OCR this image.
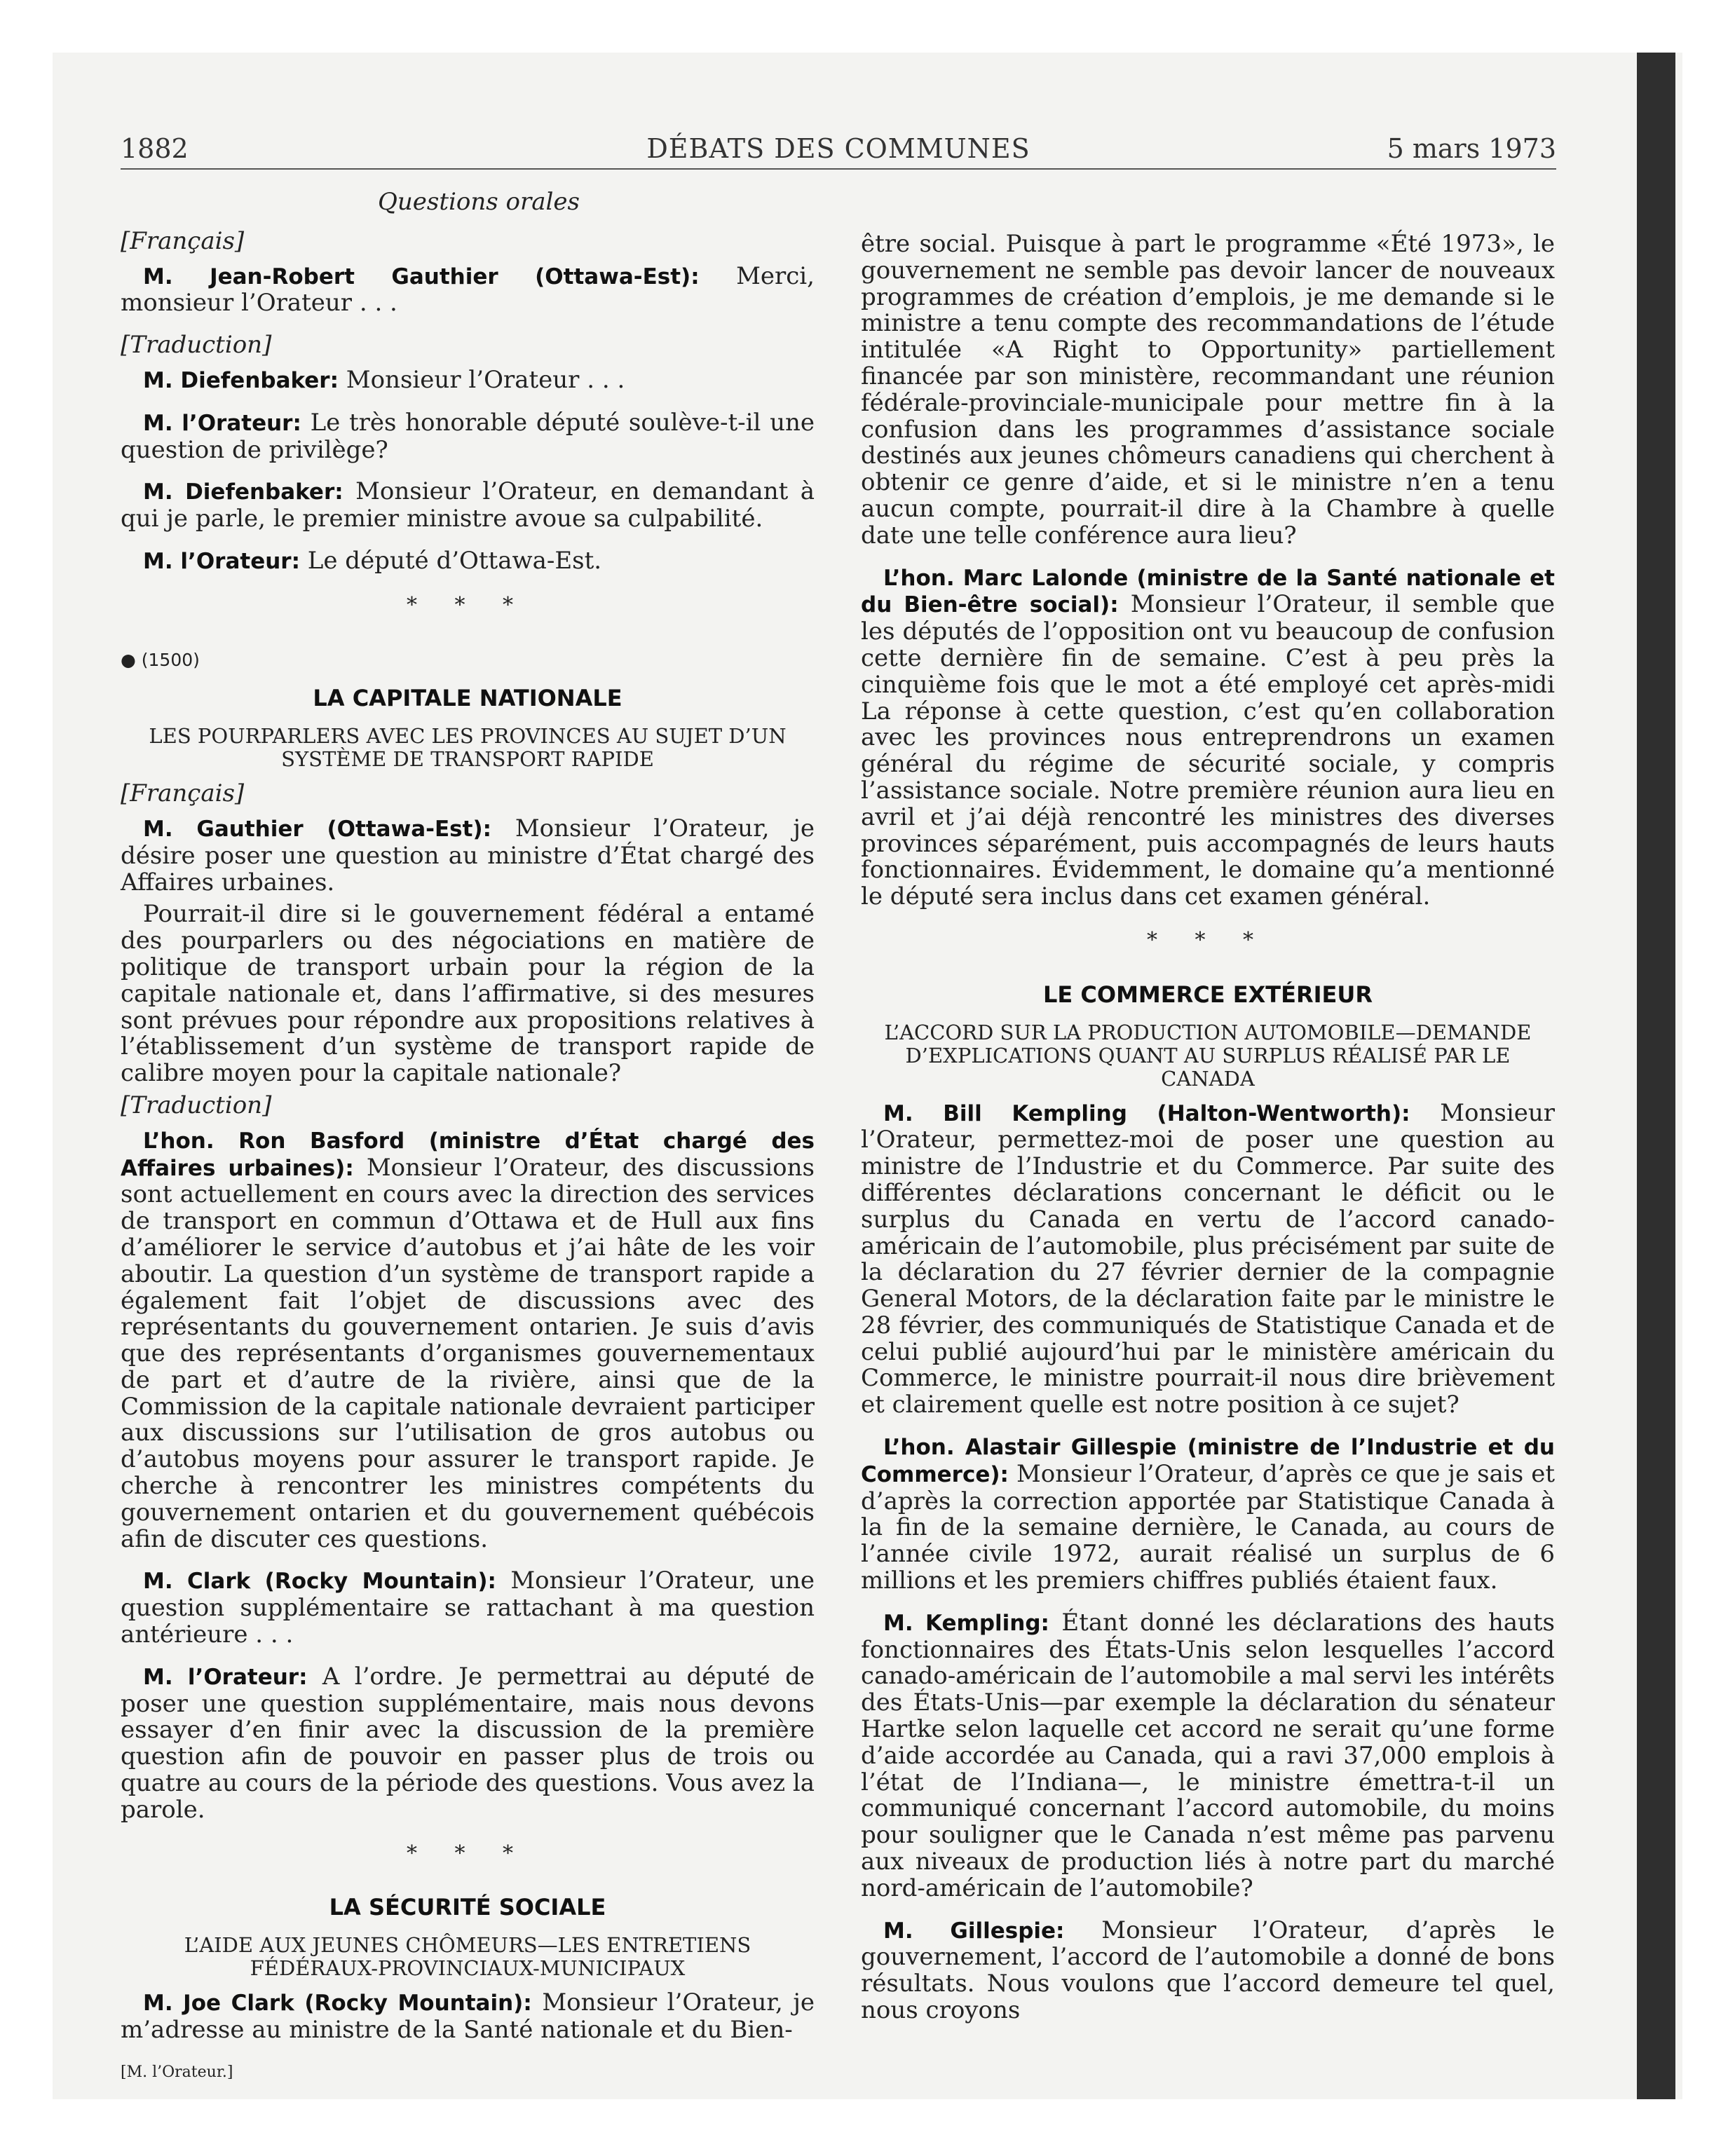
1882	DÉBATS DES COMMUNES	5 mars 1973

Questions orales

[Français]

M. Jean-Robert Gauthier (Ottawa-Est): Merci, monsieur l’Orateur . . .

[Traduction]

M. Diefenbaker: Monsieur l’Orateur . . .

M. l’Orateur: Le très honorable député soulève-t-il une question de privilège?

M. Diefenbaker: Monsieur l’Orateur, en demandant à qui je parle, le premier ministre avoue sa culpabilité.

M. l’Orateur: Le député d’Ottawa-Est.

* * *

● (1500)

LA CAPITALE NATIONALE

LES POURPARLERS AVEC LES PROVINCES AU SUJET D’UN SYSTÈME DE TRANSPORT RAPIDE

[Français]

M. Gauthier (Ottawa-Est): Monsieur l’Orateur, je désire poser une question au ministre d’État chargé des Affaires urbaines.

Pourrait-il dire si le gouvernement fédéral a entamé des pourparlers ou des négociations en matière de politique de transport urbain pour la région de la capitale nationale et, dans l’affirmative, si des mesures sont prévues pour répondre aux propositions relatives à l’établissement d’un système de transport rapide de calibre moyen pour la capitale nationale?

[Traduction]

L’hon. Ron Basford (ministre d’État chargé des Affaires urbaines): Monsieur l’Orateur, des discussions sont actuellement en cours avec la direction des services de transport en commun d’Ottawa et de Hull aux fins d’améliorer le service d’autobus et j’ai hâte de les voir aboutir. La question d’un système de transport rapide a également fait l’objet de discussions avec des représentants du gouvernement ontarien. Je suis d’avis que des représentants d’organismes gouvernementaux de part et d’autre de la rivière, ainsi que de la Commission de la capitale nationale devraient participer aux discussions sur l’utilisation de gros autobus ou d’autobus moyens pour assurer le transport rapide. Je cherche à rencontrer les ministres compétents du gouvernement ontarien et du gouvernement québécois afin de discuter ces questions.

M. Clark (Rocky Mountain): Monsieur l’Orateur, une question supplémentaire se rattachant à ma question antérieure . . .

M. l’Orateur: A l’ordre. Je permettrai au député de poser une question supplémentaire, mais nous devons essayer d’en finir avec la discussion de la première question afin de pouvoir en passer plus de trois ou quatre au cours de la période des questions. Vous avez la parole.

* * *

LA SÉCURITÉ SOCIALE

L’AIDE AUX JEUNES CHÔMEURS—LES ENTRETIENS FÉDÉRAUX-PROVINCIAUX-MUNICIPAUX

M. Joe Clark (Rocky Mountain): Monsieur l’Orateur, je m’adresse au ministre de la Santé nationale et du Bien-

[M. l’Orateur.]

être social. Puisque à part le programme «Été 1973», le gouvernement ne semble pas devoir lancer de nouveaux programmes de création d’emplois, je me demande si le ministre a tenu compte des recommandations de l’étude intitulée «A Right to Opportunity» partiellement financée par son ministère, recommandant une réunion fédérale-provinciale-municipale pour mettre fin à la confusion dans les programmes d’assistance sociale destinés aux jeunes chômeurs canadiens qui cherchent à obtenir ce genre d’aide, et si le ministre n’en a tenu aucun compte, pourrait-il dire à la Chambre à quelle date une telle conférence aura lieu?

L’hon. Marc Lalonde (ministre de la Santé nationale et du Bien-être social): Monsieur l’Orateur, il semble que les députés de l’opposition ont vu beaucoup de confusion cette dernière fin de semaine. C’est à peu près la cinquième fois que le mot a été employé cet après-midi La réponse à cette question, c’est qu’en collaboration avec les provinces nous entreprendrons un examen général du régime de sécurité sociale, y compris l’assistance sociale. Notre première réunion aura lieu en avril et j’ai déjà rencontré les ministres des diverses provinces séparément, puis accompagnés de leurs hauts fonctionnaires. Évidemment, le domaine qu’a mentionné le député sera inclus dans cet examen général.

* * *

LE COMMERCE EXTÉRIEUR

L’ACCORD SUR LA PRODUCTION AUTOMOBILE—DEMANDE D’EXPLICATIONS QUANT AU SURPLUS RÉALISÉ PAR LE CANADA

M. Bill Kempling (Halton-Wentworth): Monsieur l’Orateur, permettez-moi de poser une question au ministre de l’Industrie et du Commerce. Par suite des différentes déclarations concernant le déficit ou le surplus du Canada en vertu de l’accord canado-américain de l’automobile, plus précisément par suite de la déclaration du 27 février dernier de la compagnie General Motors, de la déclaration faite par le ministre le 28 février, des communiqués de Statistique Canada et de celui publié aujourd’hui par le ministère américain du Commerce, le ministre pourrait-il nous dire brièvement et clairement quelle est notre position à ce sujet?

L’hon. Alastair Gillespie (ministre de l’Industrie et du Commerce): Monsieur l’Orateur, d’après ce que je sais et d’après la correction apportée par Statistique Canada à la fin de la semaine dernière, le Canada, au cours de l’année civile 1972, aurait réalisé un surplus de 6 millions et les premiers chiffres publiés étaient faux.

M. Kempling: Étant donné les déclarations des hauts fonctionnaires des États-Unis selon lesquelles l’accord canado-américain de l’automobile a mal servi les intérêts des États-Unis—par exemple la déclaration du sénateur Hartke selon laquelle cet accord ne serait qu’une forme d’aide accordée au Canada, qui a ravi 37,000 emplois à l’état de l’Indiana—, le ministre émettra-t-il un communiqué concernant l’accord automobile, du moins pour souligner que le Canada n’est même pas parvenu aux niveaux de production liés à notre part du marché nord-américain de l’automobile?

M. Gillespie: Monsieur l’Orateur, d’après le gouvernement, l’accord de l’automobile a donné de bons résultats. Nous voulons que l’accord demeure tel quel, nous croyons
